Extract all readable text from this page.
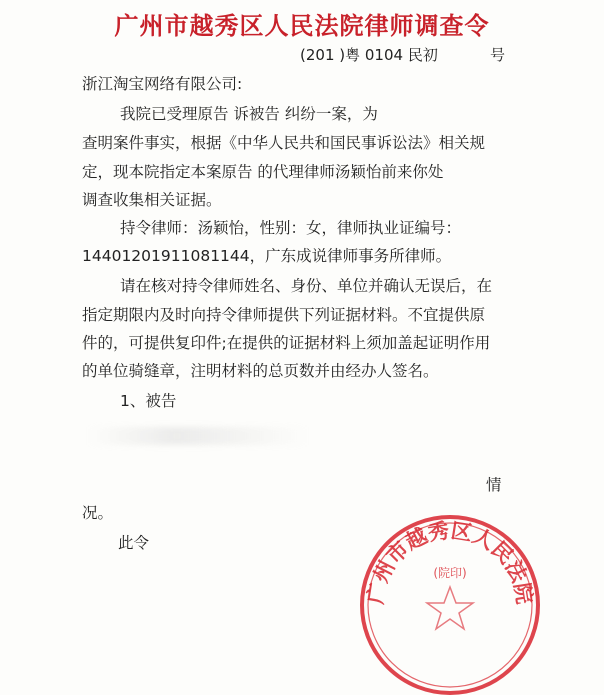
广州市越秀区人民法院律师调查令
(201 )粤 0104 民初	号
浙江淘宝网络有限公司:
我院已受理原告 诉被告 纠纷一案，为
查明案件事实，根据《中华人民共和国民事诉讼法》相关规
定，现本院指定本案原告 的代理律师汤颖怡前来你处
调查收集相关证据。
持令律师：汤颖怡，性别：女，律师执业证编号：
14401201911081144，广东成说律师事务所律师。
请在核对持令律师姓名、身份、单位并确认无误后，在
指定期限内及时向持令律师提供下列证据材料。不宜提供原
件的，可提供复印件;在提供的证据材料上须加盖起证明作用
的单位骑缝章，注明材料的总页数并由经办人签名。
1、被告
情
况。
此令
广州市越秀区人民法院
(院印)
